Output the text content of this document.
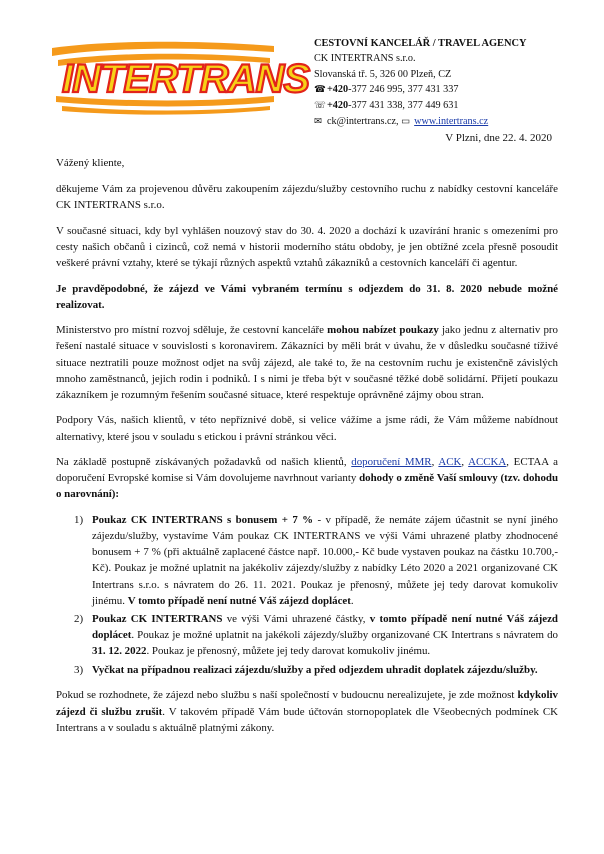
INTERTRANS
CESTOVNÍ KANCELÁŘ / TRAVEL AGENCY
CK INTERTRANS s.r.o.
Slovanská tř. 5, 326 00 Plzeň, CZ
☎+420-377 246 995, 377 431 337
☏+420-377 431 338, 377 449 631
✉ ck@intertrans.cz, ▭ www.intertrans.cz
V Plzni, dne 22. 4. 2020

Vážený kliente,

děkujeme Vám za projevenou důvěru zakoupením zájezdu/služby cestovního ruchu z nabídky cestovní kanceláře CK INTERTRANS s.r.o.

V současné situaci, kdy byl vyhlášen nouzový stav do 30. 4. 2020 a dochází k uzavírání hranic s omezeními pro cesty našich občanů i cizinců, což nemá v historii moderního státu obdoby, je jen obtížné zcela přesně posoudit veškeré právní vztahy, které se týkají různých aspektů vztahů zákazníků a cestovních kanceláří či agentur.

Je pravděpodobné, že zájezd ve Vámi vybraném termínu s odjezdem do 31. 8. 2020 nebude možné realizovat.

Ministerstvo pro místní rozvoj sděluje, že cestovní kanceláře mohou nabízet poukazy jako jednu z alternativ pro řešení nastalé situace v souvislosti s koronavirem. Zákazníci by měli brát v úvahu, že v důsledku současné tíživé situace neztratili pouze možnost odjet na svůj zájezd, ale také to, že na cestovním ruchu je existenčně závislých mnoho zaměstnanců, jejich rodin i podniků. I s nimi je třeba být v současné těžké době solidární. Přijetí poukazu zákazníkem je rozumným řešením současné situace, které respektuje oprávněné zájmy obou stran.

Podpory Vás, našich klientů, v této nepříznivé době, si velice vážíme a jsme rádi, že Vám můžeme nabídnout alternativy, které jsou v souladu s etickou i právní stránkou věci.

Na základě postupně získávaných požadavků od našich klientů, doporučení MMR, ACK, ACCKA, ECTAA a doporučení Evropské komise si Vám dovolujeme navrhnout varianty dohody o změně Vaší smlouvy (tzv. dohodu o narovnání):

1) Poukaz CK INTERTRANS s bonusem + 7 % - v případě, že nemáte zájem účastnit se nyní jiného zájezdu/služby, vystavíme Vám poukaz CK INTERTRANS ve výši Vámi uhrazené platby zhodnocené bonusem + 7 % (při aktuálně zaplacené částce např. 10.000,- Kč bude vystaven poukaz na částku 10.700,- Kč). Poukaz je možné uplatnit na jakékoliv zájezdy/služby z nabídky Léto 2020 a 2021 organizované CK Intertrans s.r.o. s návratem do 26. 11. 2021. Poukaz je přenosný, můžete jej tedy darovat komukoliv jinému. V tomto případě není nutné Váš zájezd doplácet.
2) Poukaz CK INTERTRANS ve výši Vámi uhrazené částky, v tomto případě není nutné Váš zájezd doplácet. Poukaz je možné uplatnit na jakékoli zájezdy/služby organizované CK Intertrans s návratem do 31. 12. 2022. Poukaz je přenosný, můžete jej tedy darovat komukoliv jinému.
3) Vyčkat na případnou realizaci zájezdu/služby a před odjezdem uhradit doplatek zájezdu/služby.

Pokud se rozhodnete, že zájezd nebo službu s naší společností v budoucnu nerealizujete, je zde možnost kdykoliv zájezd či službu zrušit. V takovém případě Vám bude účtován stornopoplatek dle Všeobecných podmínek CK Intertrans a v souladu s aktuálně platnými zákony.
